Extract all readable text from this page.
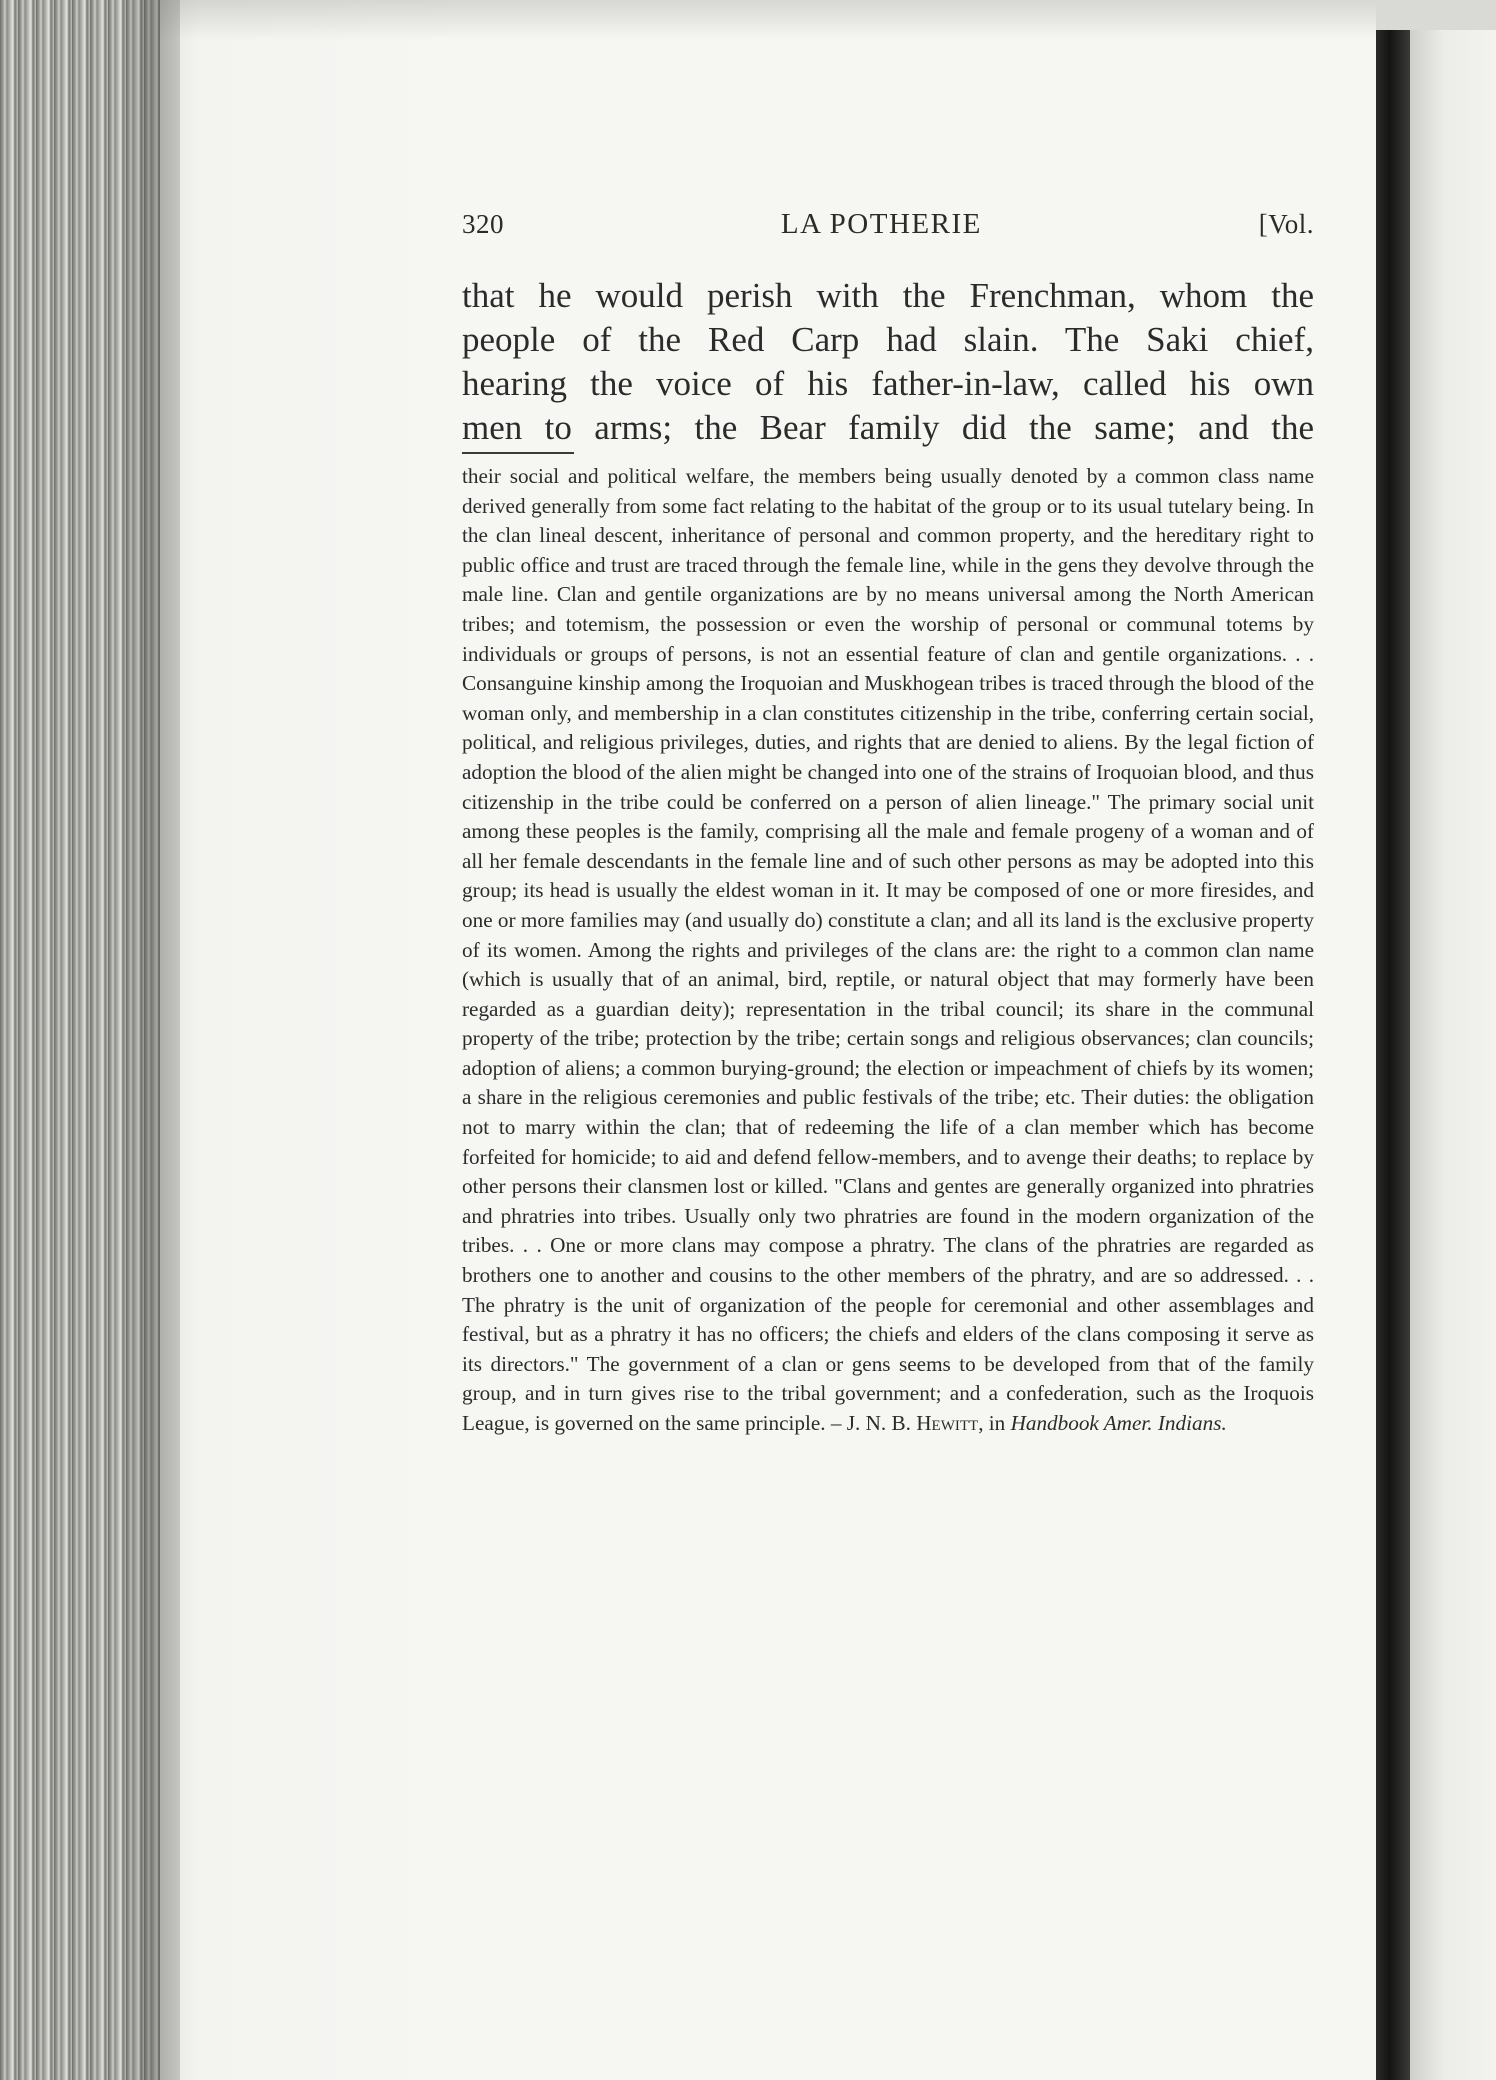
320	LA POTHERIE	[Vol.
that he would perish with the Frenchman, whom the
people of the Red Carp had slain. The Saki chief,
hearing the voice of his father-in-law, called his own
men to arms; the Bear family did the same; and the

their social and political welfare, the members being usually denoted by a common class name derived generally from some fact relating to the habitat of the group or to its usual tutelary being. In the clan lineal descent, inheritance of personal and common property, and the hereditary right to public office and trust are traced through the female line, while in the gens they devolve through the male line. Clan and gentile organizations are by no means universal among the North American tribes; and totemism, the possession or even the worship of personal or communal totems by individuals or groups of persons, is not an essential feature of clan and gentile organizations. . . Consanguine kinship among the Iroquoian and Muskhogean tribes is traced through the blood of the woman only, and membership in a clan constitutes citizenship in the tribe, conferring certain social, political, and religious privileges, duties, and rights that are denied to aliens. By the legal fiction of adoption the blood of the alien might be changed into one of the strains of Iroquoian blood, and thus citizenship in the tribe could be conferred on a person of alien lineage." The primary social unit among these peoples is the family, comprising all the male and female progeny of a woman and of all her female descendants in the female line and of such other persons as may be adopted into this group; its head is usually the eldest woman in it. It may be composed of one or more firesides, and one or more families may (and usually do) constitute a clan; and all its land is the exclusive property of its women. Among the rights and privileges of the clans are: the right to a common clan name (which is usually that of an animal, bird, reptile, or natural object that may formerly have been regarded as a guardian deity); representation in the tribal council; its share in the communal property of the tribe; protection by the tribe; certain songs and religious observances; clan councils; adoption of aliens; a common burying-ground; the election or impeachment of chiefs by its women; a share in the religious ceremonies and public festivals of the tribe; etc. Their duties: the obligation not to marry within the clan; that of redeeming the life of a clan member which has become forfeited for homicide; to aid and defend fellow-members, and to avenge their deaths; to replace by other persons their clansmen lost or killed. "Clans and gentes are generally organized into phratries and phratries into tribes. Usually only two phratries are found in the modern organization of the tribes. . . One or more clans may compose a phratry. The clans of the phratries are regarded as brothers one to another and cousins to the other members of the phratry, and are so addressed. . . The phratry is the unit of organization of the people for ceremonial and other assemblages and festival, but as a phratry it has no officers; the chiefs and elders of the clans composing it serve as its directors." The government of a clan or gens seems to be developed from that of the family group, and in turn gives rise to the tribal government; and a confederation, such as the Iroquois League, is governed on the same principle. – J. N. B. Hewitt, in Handbook Amer. Indians.
